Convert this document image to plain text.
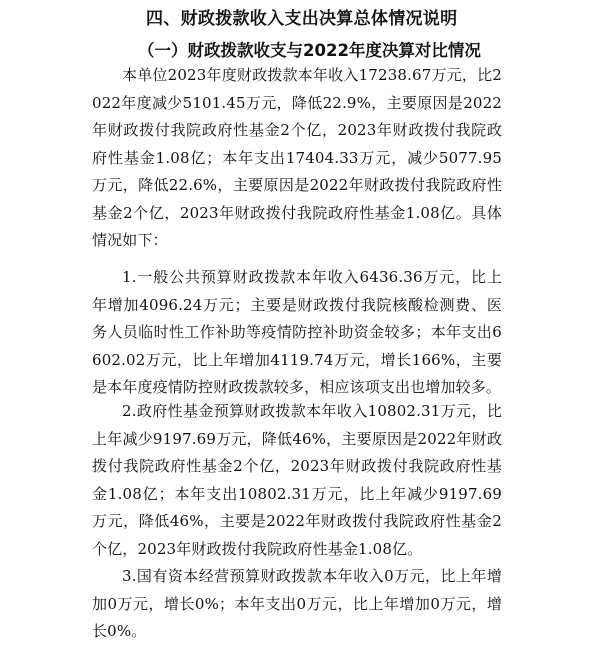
四、财政拨款收入支出决算总体情况说明
（一）财政拨款收支与2022年度决算对比情况

本单位2023年度财政拨款本年收入17238.67万元，比2022年度减少5101.45万元，降低22.9%，主要原因是2022年财政拨付我院政府性基金2个亿，2023年财政拨付我院政府性基金1.08亿；本年支出17404.33万元，减少5077.95万元，降低22.6%，主要原因是2022年财政拨付我院政府性基金2个亿，2023年财政拨付我院政府性基金1.08亿。具体情况如下：

1.一般公共预算财政拨款本年收入6436.36万元，比上年增加4096.24万元；主要是财政拨付我院核酸检测费、医务人员临时性工作补助等疫情防控补助资金较多；本年支出6602.02万元，比上年增加4119.74万元，增长166%，主要是本年度疫情防控财政拨款较多，相应该项支出也增加较多。

2.政府性基金预算财政拨款本年收入10802.31万元，比上年减少9197.69万元，降低46%，主要原因是2022年财政拨付我院政府性基金2个亿，2023年财政拨付我院政府性基金1.08亿；本年支出10802.31万元，比上年减少9197.69万元，降低46%，主要是2022年财政拨付我院政府性基金2个亿，2023年财政拨付我院政府性基金1.08亿。

3.国有资本经营预算财政拨款本年收入0万元，比上年增加0万元，增长0%；本年支出0万元，比上年增加0万元，增长0%。
